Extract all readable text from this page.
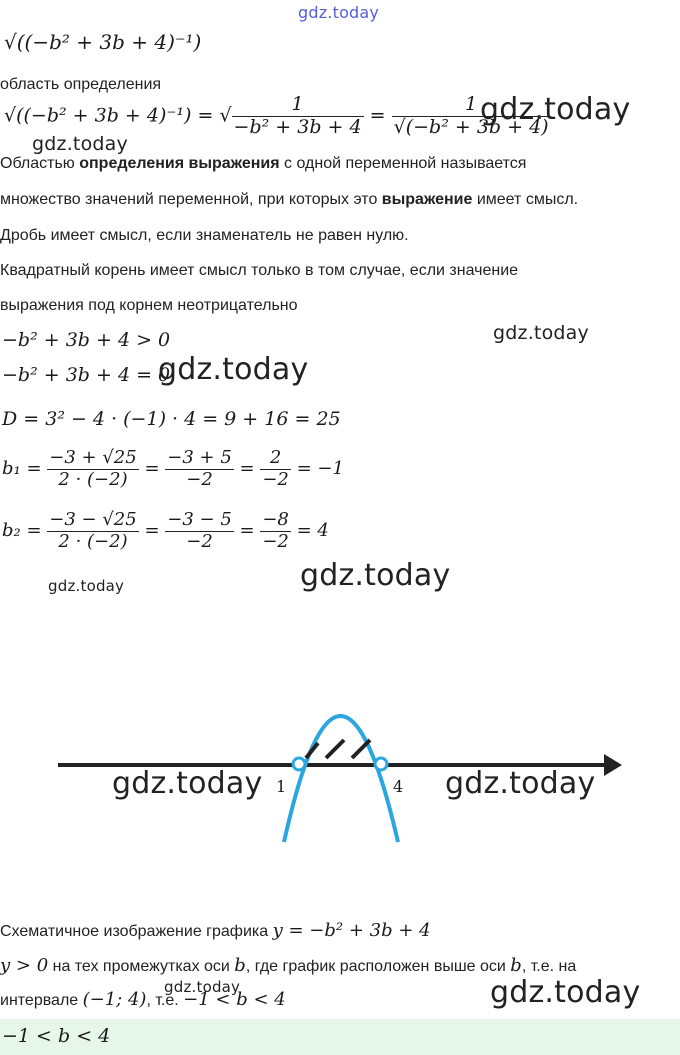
gdz.today
√((−b² + 3b + 4)⁻¹)
область определения
√((−b² + 3b + 4)⁻¹) = √ $\frac{1}{\text{−b² + 3b + 4}} = \frac{1}{\text{√(−b² + 3b + 4)}}$
gdz.today
gdz.today
Областью определения выражения с одной переменной называется
множество значений переменной, при которых это выражение имеет смысл.
Дробь имеет смысл, если знаменатель не равен нулю.
Квадратный корень имеет смысл только в том случае, если значение
выражения под корнем неотрицательно
−b² + 3b + 4 > 0	gdz.today
−b² + 3b + 4 = 0
gdz.today
D = 3² − 4 · (−1) · 4 = 9 + 16 = 25
$b_1 = \frac{-3 + √25}{2 \cdot (-2)} = \frac{-3 + 5}{-2} = \frac{2}{-2} = -1$
$b_2 = \frac{-3 - √25}{2 \cdot (-2)} = \frac{-3 - 5}{-2} = \frac{-8}{-2} = 4$
gdz.today	gdz.today
1	4
gdz.today	gdz.today
Схематичное изображение графика y = −b² + 3b + 4
y > 0 на тех промежутках оси b, где график расположен выше оси b, т.е. на
интервале (−1; 4), т.е. −1 < b < 4
gdz.today	gdz.today
−1 < b < 4
